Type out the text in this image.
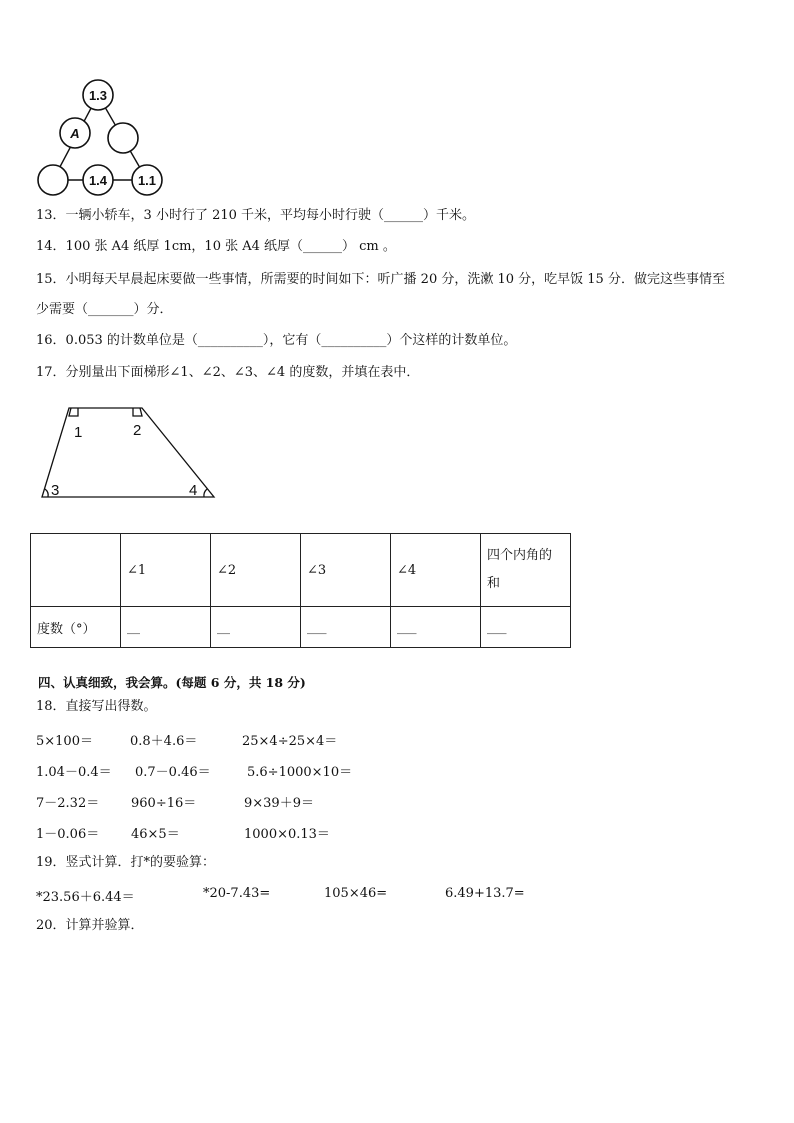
1.3
A
1.4 1.1
13．一辆小轿车，3 小时行了 210 千米，平均每小时行驶（______）千米。
14．100 张 A4 纸厚 1cm，10 张 A4 纸厚（______） cm 。
15．小明每天早晨起床要做一些事情，所需要的时间如下：听广播 20 分，洗漱 10 分，吃早饭 15 分．做完这些事情至
少需要（_______）分．
16．0.053 的计数单位是（__________），它有（__________）个这样的计数单位。
17．分别量出下面梯形∠1、∠2、∠3、∠4 的度数，并填在表中．
1	2
3	4
	∠1	∠2	∠3	∠4	四个内角的和
度数（°）	__	__	___	___	___
四、认真细致，我会算。(每题 6 分，共 18 分)
18．直接写出得数。
5×100＝	0.8＋4.6＝	25×4÷25×4＝
1.04－0.4＝ 0.7－0.46＝	5.6÷1000×10＝
7－2.32＝ 960÷16＝	9×39＋9＝
1－0.06＝ 46×5＝	1000×0.13＝
19．竖式计算．打*的要验算：
*23.56＋6.44＝	*20-7.43=	105×46=	6.49+13.7=
20．计算并验算．
